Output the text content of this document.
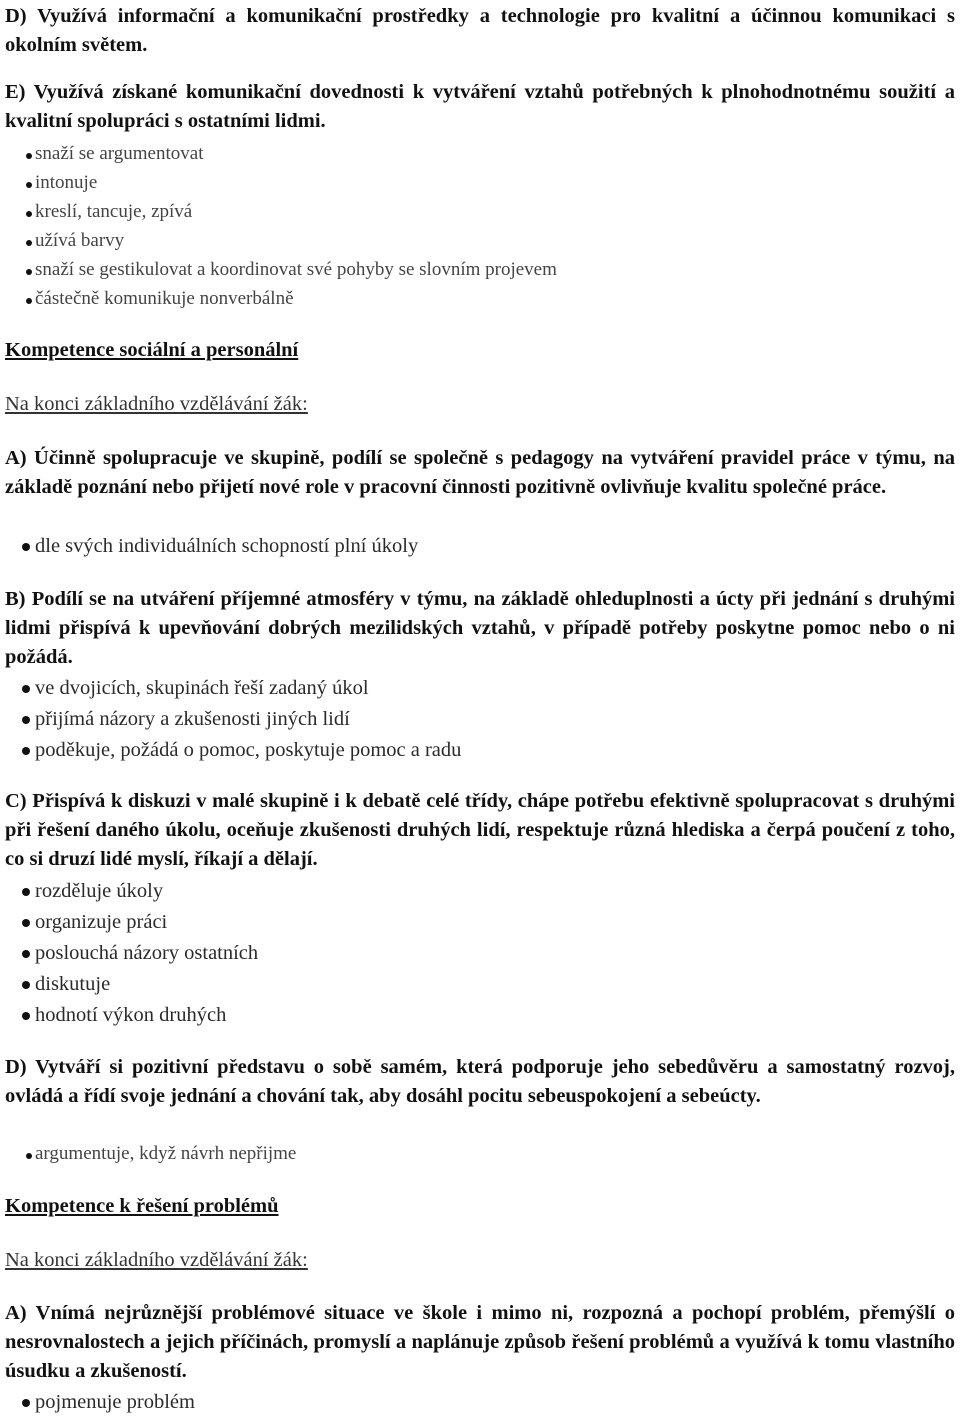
D) Využívá informační a komunikační prostředky a technologie pro kvalitní a účinnou komunikaci s okolním světem.

E) Využívá získané komunikační dovednosti k vytváření vztahů potřebných k plnohodnotnému soužití a kvalitní spolupráci s ostatními lidmi.

snaží se argumentovat
intonuje
kreslí, tancuje, zpívá
užívá barvy
snaží se gestikulovat a koordinovat své pohyby se slovním projevem
částečně komunikuje nonverbálně
Kompetence sociální a personální

Na konci základního vzdělávání žák:

A) Účinně spolupracuje ve skupině, podílí se společně s pedagogy na vytváření pravidel práce v týmu, na základě poznání nebo přijetí nové role v pracovní činnosti pozitivně ovlivňuje kvalitu společné práce.

dle svých individuálních schopností plní úkoly

B) Podílí se na utváření příjemné atmosféry v týmu, na základě ohleduplnosti a úcty při jednání s druhými lidmi přispívá k upevňování dobrých mezilidských vztahů, v případě potřeby poskytne pomoc nebo o ni požádá.

ve dvojicích, skupinách řeší zadaný úkol
přijímá názory a zkušenosti jiných lidí
poděkuje, požádá o pomoc, poskytuje pomoc a radu

C) Přispívá k diskuzi v malé skupině i k debatě celé třídy, chápe potřebu efektivně spolupracovat s druhými při řešení daného úkolu, oceňuje zkušenosti druhých lidí, respektuje různá hlediska a čerpá poučení z toho, co si druzí lidé myslí, říkají a dělají.

rozděluje úkoly
organizuje práci
poslouchá názory ostatních
diskutuje
hodnotí výkon druhých

D) Vytváří si pozitivní představu o sobě samém, která podporuje jeho sebedůvěru a samostatný rozvoj, ovládá a řídí svoje jednání a chování tak, aby dosáhl pocitu sebeuspokojení a sebeúcty.

argumentuje, když návrh nepřijme
Kompetence k řešení problémů

Na konci základního vzdělávání žák:

A) Vnímá nejrůznější problémové situace ve škole i mimo ni, rozpozná a pochopí problém, přemýšlí o nesrovnalostech a jejich příčinách, promyslí a naplánuje způsob řešení problémů a využívá k tomu vlastního úsudku a zkušeností.

pojmenuje problém
